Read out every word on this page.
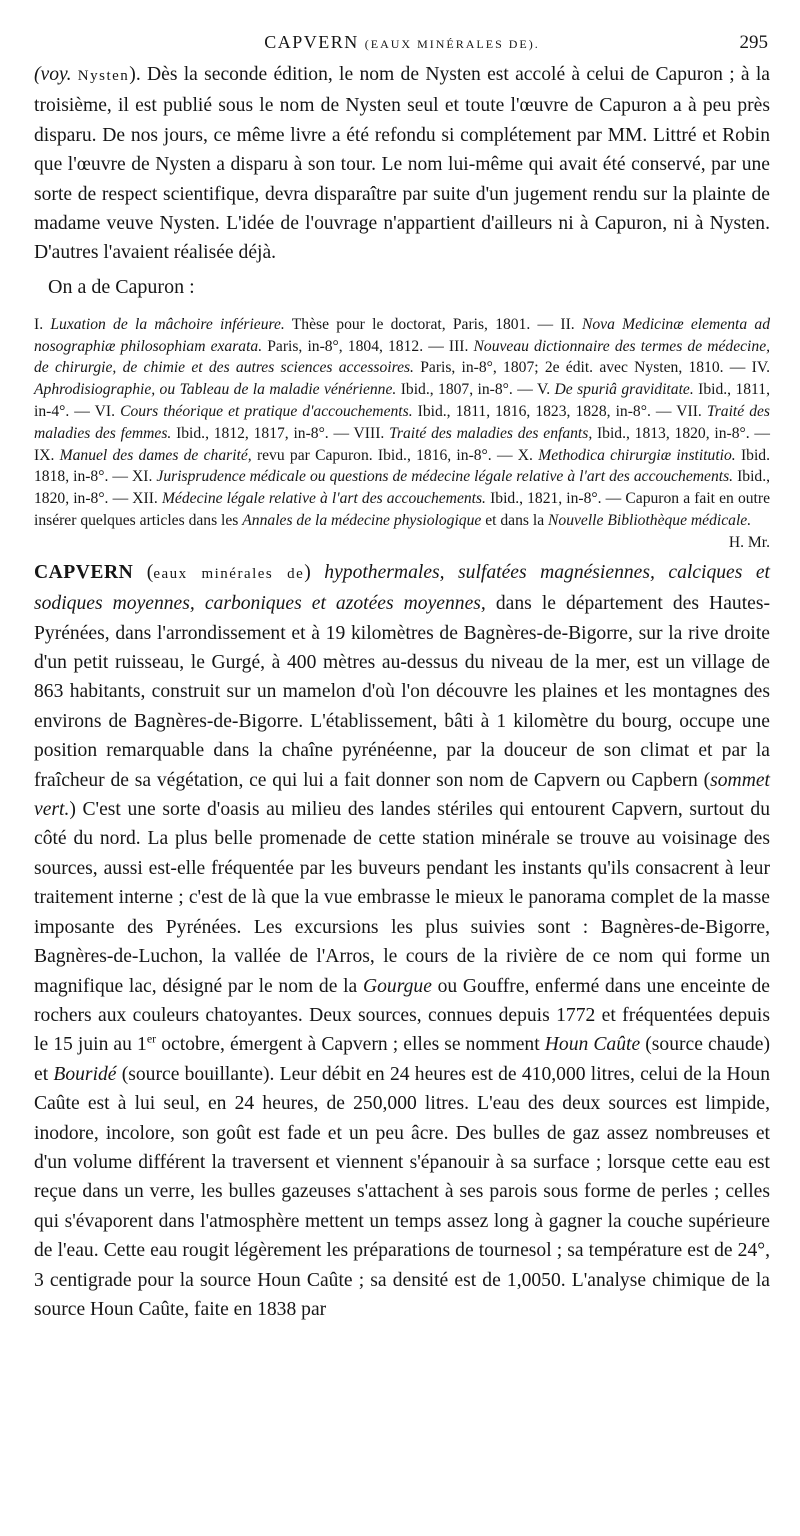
CAPVERN (EAUX MINÉRALES DE).	295

(voy. Nysten). Dès la seconde édition, le nom de Nysten est accolé à celui de Capuron ; à la troisième, il est publié sous le nom de Nysten seul et toute l'œuvre de Capuron a à peu près disparu. De nos jours, ce même livre a été refondu si complétement par MM. Littré et Robin que l'œuvre de Nysten a disparu à son tour. Le nom lui-même qui avait été conservé, par une sorte de respect scientifique, devra disparaître par suite d'un jugement rendu sur la plainte de madame veuve Nysten. L'idée de l'ouvrage n'appartient d'ailleurs ni à Capuron, ni à Nysten. D'autres l'avaient réalisée déjà.

On a de Capuron :

I. Luxation de la mâchoire inférieure. Thèse pour le doctorat, Paris, 1801. — II. Nova Medicinæ elementa ad nosographiæ philosophiam exarata. Paris, in-8°, 1804, 1812. — III. Nouveau dictionnaire des termes de médecine, de chirurgie, de chimie et des autres sciences accessoires. Paris, in-8°, 1807; 2e édit. avec Nysten, 1810. — IV. Aphrodisiographie, ou Tableau de la maladie vénérienne. Ibid., 1807, in-8°. — V. De spuriâ graviditate. Ibid., 1811, in-4°. — VI. Cours théorique et pratique d'accouchements. Ibid., 1811, 1816, 1823, 1828, in-8°. — VII. Traité des maladies des femmes. Ibid., 1812, 1817, in-8°. — VIII. Traité des maladies des enfants, Ibid., 1813, 1820, in-8°. — IX. Manuel des dames de charité, revu par Capuron. Ibid., 1816, in-8°. — X. Methodica chirurgiæ institutio. Ibid. 1818, in-8°. — XI. Jurisprudence médicale ou questions de médecine légale relative à l'art des accouchements. Ibid., 1820, in-8°. — XII. Médecine légale relative à l'art des accouchements. Ibid., 1821, in-8°. — Capuron a fait en outre insérer quelques articles dans les Annales de la médecine physiologique et dans la Nouvelle Bibliothèque médicale.
H. Mr.

CAPVERN (eaux minérales de) hypothermales, sulfatées magnésiennes, calciques et sodiques moyennes, carboniques et azotées moyennes, dans le département des Hautes-Pyrénées, dans l'arrondissement et à 19 kilomètres de Bagnères-de-Bigorre, sur la rive droite d'un petit ruisseau, le Gurgé, à 400 mètres au-dessus du niveau de la mer, est un village de 863 habitants, construit sur un mamelon d'où l'on découvre les plaines et les montagnes des environs de Bagnères-de-Bigorre. L'établissement, bâti à 1 kilomètre du bourg, occupe une position remarquable dans la chaîne pyrénéenne, par la douceur de son climat et par la fraîcheur de sa végétation, ce qui lui a fait donner son nom de Capvern ou Capbern (sommet vert.) C'est une sorte d'oasis au milieu des landes stériles qui entourent Capvern, surtout du côté du nord. La plus belle promenade de cette station minérale se trouve au voisinage des sources, aussi est-elle fréquentée par les buveurs pendant les instants qu'ils consacrent à leur traitement interne ; c'est de là que la vue embrasse le mieux le panorama complet de la masse imposante des Pyrénées. Les excursions les plus suivies sont : Bagnères-de-Bigorre, Bagnères-de-Luchon, la vallée de l'Arros, le cours de la rivière de ce nom qui forme un magnifique lac, désigné par le nom de la Gourgue ou Gouffre, enfermé dans une enceinte de rochers aux couleurs chatoyantes. Deux sources, connues depuis 1772 et fréquentées depuis le 15 juin au 1er octobre, émergent à Capvern ; elles se nomment Houn Caûte (source chaude) et Bouridé (source bouillante). Leur débit en 24 heures est de 410,000 litres, celui de la Houn Caûte est à lui seul, en 24 heures, de 250,000 litres. L'eau des deux sources est limpide, inodore, incolore, son goût est fade et un peu âcre. Des bulles de gaz assez nombreuses et d'un volume différent la traversent et viennent s'épanouir à sa surface ; lorsque cette eau est reçue dans un verre, les bulles gazeuses s'attachent à ses parois sous forme de perles ; celles qui s'évaporent dans l'atmosphère mettent un temps assez long à gagner la couche supérieure de l'eau. Cette eau rougit légèrement les préparations de tournesol ; sa température est de 24°, 3 centigrade pour la source Houn Caûte ; sa densité est de 1,0050. L'analyse chimique de la source Houn Caûte, faite en 1838 par
